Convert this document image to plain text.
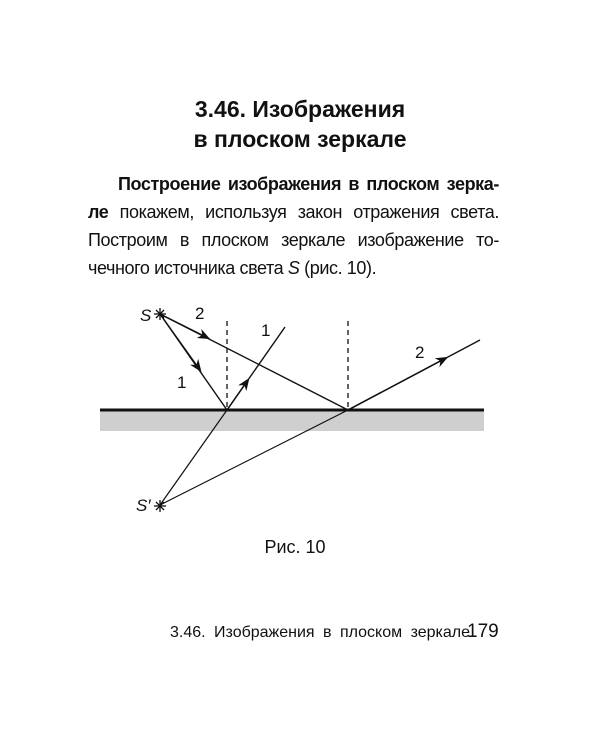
3.46. Изображения
в плоском зеркале
Построение изображения в плоском зерка-
ле покажем, используя закон отражения света.
Построим в плоском зеркале изображение то-
чечного источника света S (рис. 10).
S
S′
1
1
2
2
Рис. 10
3.46. Изображения в плоском зеркале
179
